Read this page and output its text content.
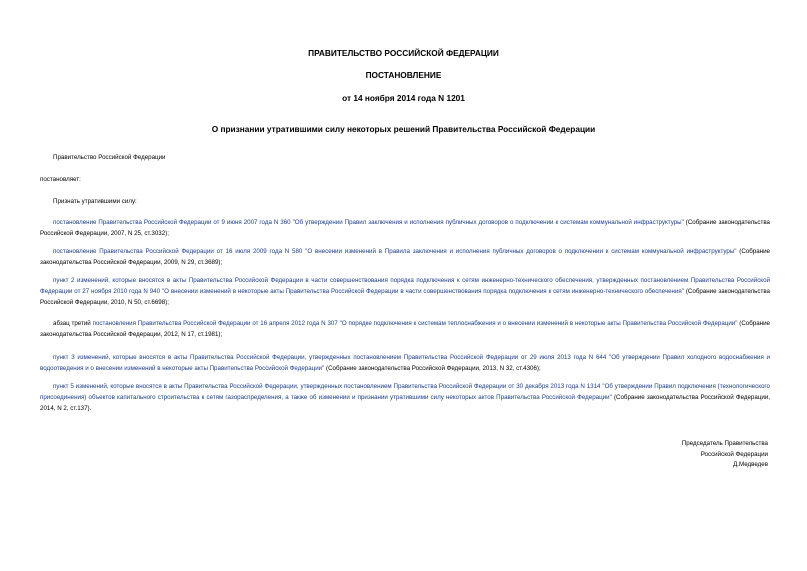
ПРАВИТЕЛЬСТВО РОССИЙСКОЙ ФЕДЕРАЦИИ
ПОСТАНОВЛЕНИЕ
от 14 ноября 2014 года N 1201
О признании утратившими силу некоторых решений Правительства Российской Федерации
Правительство Российской Федерации
постановляет:
Признать утратившими силу:
постановление Правительства Российской Федерации от 9 июня 2007 года N 360 "Об утверждении Правил заключения и исполнения публичных договоров о подключении к системам коммунальной инфраструктуры" (Собрание законодательства Российской Федерации, 2007, N 25, ст.3032);
постановление Правительства Российской Федерации от 16 июля 2009 года N 580 "О внесении изменений в Правила заключения и исполнения публичных договоров о подключении к системам коммунальной инфраструктуры" (Собрание законодательства Российской Федерации, 2009, N 29, ст.3689);
пункт 2 изменений, которые вносятся в акты Правительства Российской Федерации в части совершенствования порядка подключения к сетям инженерно-технического обеспечения, утвержденных постановлением Правительства Российской Федерации от 27 ноября 2010 года N 940 "О внесении изменений в некоторые акты Правительства Российской Федерации в части совершенствования порядка подключения к сетям инженерно-технического обеспечения" (Собрание законодательства Российской Федерации, 2010, N 50, ст.6698);
абзац третий постановления Правительства Российской Федерации от 16 апреля 2012 года N 307 "О порядке подключения к системам теплоснабжения и о внесении изменений в некоторые акты Правительства Российской Федерации" (Собрание законодательства Российской Федерации, 2012, N 17, ст.1981);
пункт 3 изменений, которые вносятся в акты Правительства Российской Федерации, утвержденных постановлением Правительства Российской Федерации от 29 июля 2013 года N 644 "Об утверждении Правил холодного водоснабжения и водоотведения и о внесении изменений в некоторые акты Правительства Российской Федерации" (Собрание законодательства Российской Федерации, 2013, N 32, ст.4306);
пункт 5 изменений, которые вносятся в акты Правительства Российской Федерации, утвержденных постановлением Правительства Российской Федерации от 30 декабря 2013 года N 1314 "Об утверждении Правил подключения (технологического присоединения) объектов капитального строительства к сетям газораспределения, а также об изменении и признании утратившими силу некоторых актов Правительства Российской Федерации" (Собрание законодательства Российской Федерации, 2014, N 2, ст.137).
Председатель Правительства
Российской Федерации
Д.Медведев
